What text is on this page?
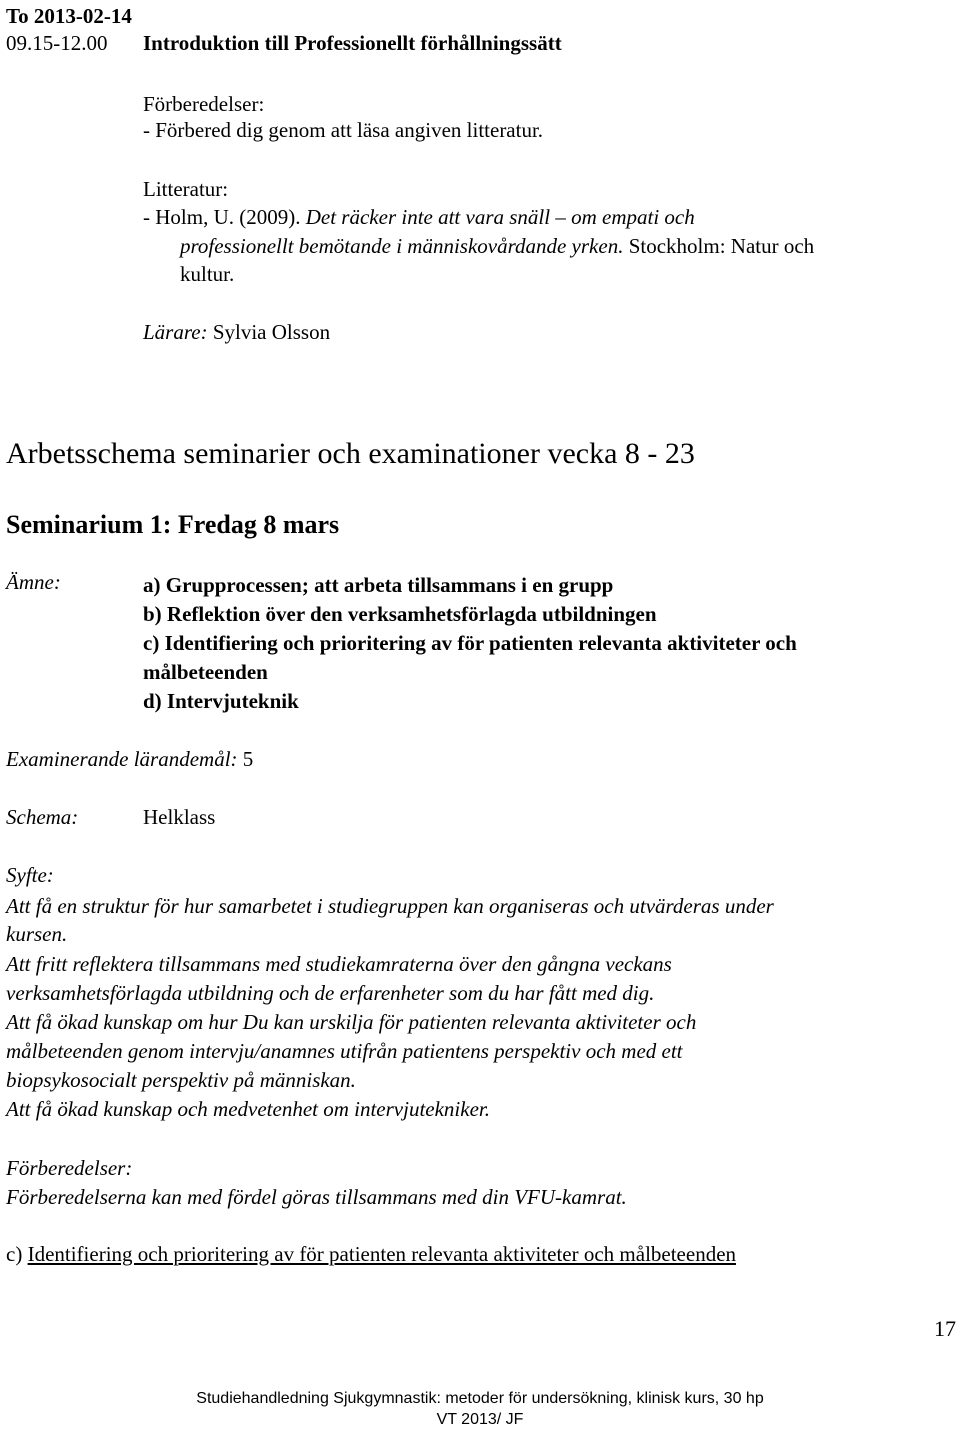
To 2013-02-14
09.15-12.00 Introduktion till Professionellt förhållningssätt
Förberedelser:
- Förbered dig genom att läsa angiven litteratur.
Litteratur:
- Holm, U. (2009). Det räcker inte att vara snäll – om empati och
professionellt bemötande i människovårdande yrken. Stockholm: Natur och
kultur.
Lärare: Sylvia Olsson
Arbetsschema seminarier och examinationer vecka 8 - 23
Seminarium 1: Fredag 8 mars
Ämne:	a) Grupprocessen; att arbeta tillsammans i en grupp
b) Reflektion över den verksamhetsförlagda utbildningen
c) Identifiering och prioritering av för patienten relevanta aktiviteter och
målbeteenden
d) Intervjuteknik
Examinerande lärandemål: 5
Schema:	Helklass
Syfte:
Att få en struktur för hur samarbetet i studiegruppen kan organiseras och utvärderas under
kursen.
Att fritt reflektera tillsammans med studiekamraterna över den gångna veckans
verksamhetsförlagda utbildning och de erfarenheter som du har fått med dig.
Att få ökad kunskap om hur Du kan urskilja för patienten relevanta aktiviteter och
målbeteenden genom intervju/anamnes utifrån patientens perspektiv och med ett
biopsykosocialt perspektiv på människan.
Att få ökad kunskap och medvetenhet om intervjutekniker.
Förberedelser:
Förberedelserna kan med fördel göras tillsammans med din VFU-kamrat.
c) Identifiering och prioritering av för patienten relevanta aktiviteter och målbeteenden
17
Studiehandledning Sjukgymnastik: metoder för undersökning, klinisk kurs, 30 hp
VT 2013/ JF
